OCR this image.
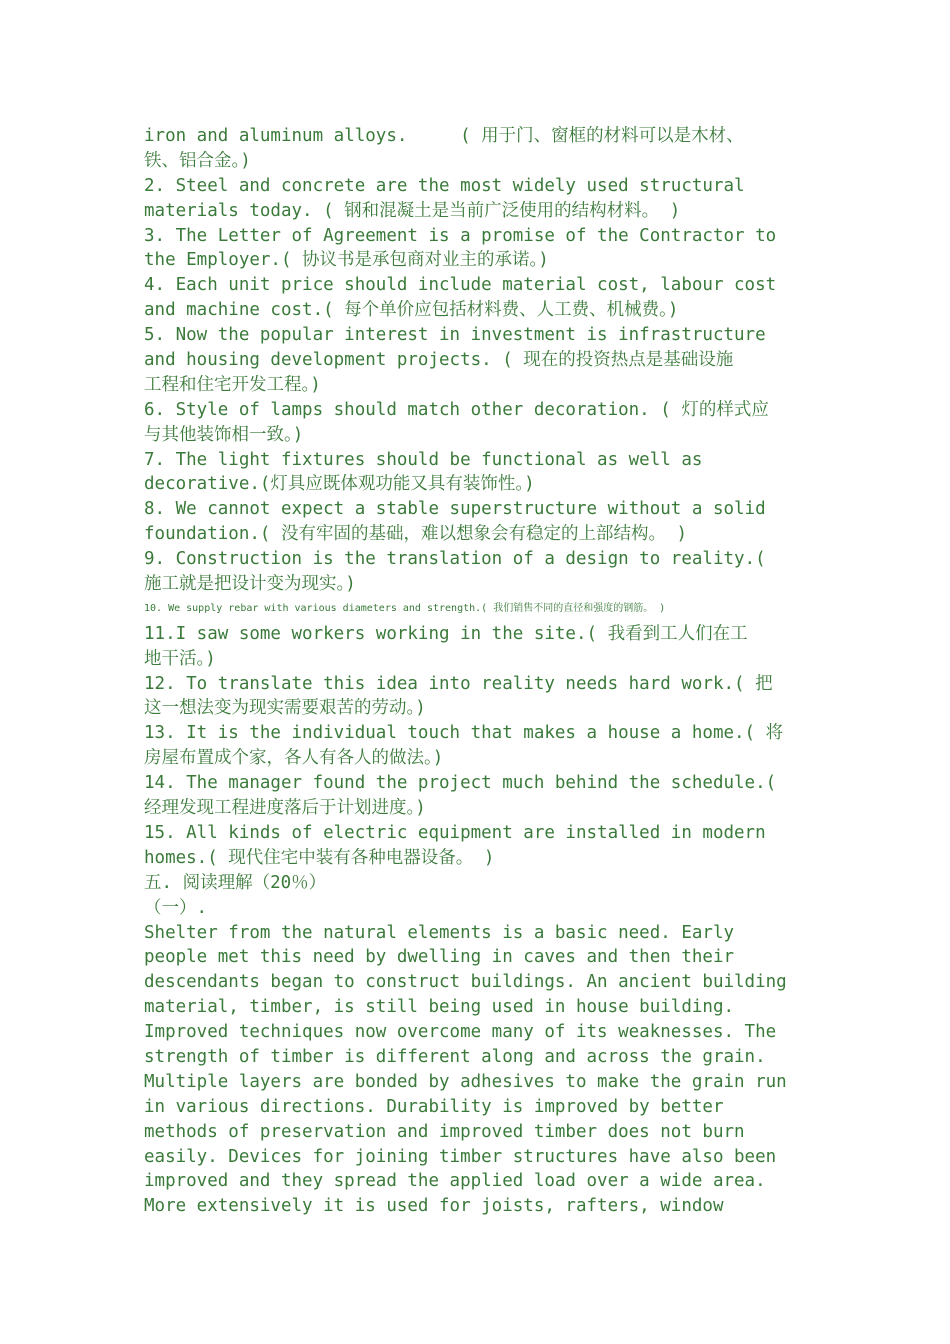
iron and aluminum alloys.     ( 用于门、窗框的材料可以是木材、
铁、铝合金。)
2. Steel and concrete are the most widely used structural
materials today. ( 钢和混凝土是当前广泛使用的结构材料。 )
3. The Letter of Agreement is a promise of the Contractor to
the Employer.( 协议书是承包商对业主的承诺。)
4. Each unit price should include material cost, labour cost
and machine cost.( 每个单价应包括材料费、人工费、机械费。)
5. Now the popular interest in investment is infrastructure
and housing development projects. ( 现在的投资热点是基础设施
工程和住宅开发工程。)
6. Style of lamps should match other decoration. ( 灯的样式应
与其他装饰相一致。)
7. The light fixtures should be functional as well as
decorative.(灯具应既体观功能又具有装饰性。)
8. We cannot expect a stable superstructure without a solid
foundation.( 没有牢固的基础，难以想象会有稳定的上部结构。 )
9. Construction is the translation of a design to reality.(
施工就是把设计变为现实。)
10. We supply rebar with various diameters and strength.( 我们销售不同的直径和强度的钢筋。 )
11.I saw some workers working in the site.( 我看到工人们在工
地干活。)
12. To translate this idea into reality needs hard work.( 把
这一想法变为现实需要艰苦的劳动。)
13. It is the individual touch that makes a house a home.( 将
房屋布置成个家，各人有各人的做法。)
14. The manager found the project much behind the schedule.(
经理发现工程进度落后于计划进度。)
15. All kinds of electric equipment are installed in modern
homes.( 现代住宅中装有各种电器设备。 )
五. 阅读理解（20％）
（一）.
Shelter from the natural elements is a basic need. Early
people met this need by dwelling in caves and then their
descendants began to construct buildings. An ancient building
material, timber, is still being used in house building.
Improved techniques now overcome many of its weaknesses. The
strength of timber is different along and across the grain.
Multiple layers are bonded by adhesives to make the grain run
in various directions. Durability is improved by better
methods of preservation and improved timber does not burn
easily. Devices for joining timber structures have also been
improved and they spread the applied load over a wide area.
More extensively it is used for joists, rafters, window
